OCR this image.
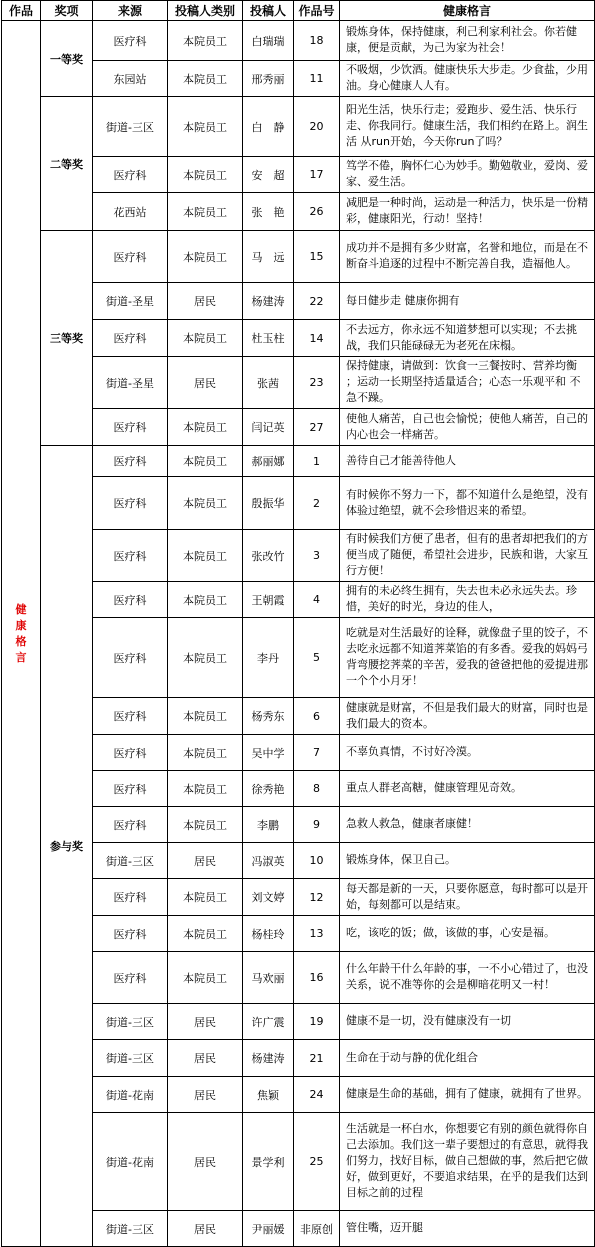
作品	奖项	来源	投稿人类别	投稿人	作品号	健康格言
健康格言	一等奖	医疗科	本院员工	白瑞瑞	18	锻炼身体，保持健康，利己利家利社会。你若健康，便是贡献，为己为家为社会！
		东园站	本院员工	邢秀丽	11	不吸烟，少饮酒。健康快乐大步走。少食盐，少用油。身心健康人人有。
	二等奖	街道-三区	本院员工	白　静	20	阳光生活，快乐行走；爱跑步、爱生活、快乐行走、你我同行。健康生活，我们相约在路上。润生活 从run开始，今天你run了吗？
		医疗科	本院员工	安　超	17	笃学不倦，胸怀仁心为妙手。勤勉敬业，爱岗、爱家、爱生活。
		花西站	本院员工	张　艳	26	减肥是一种时尚，运动是一种活力，快乐是一份精彩，健康阳光，行动！坚持！
	三等奖	医疗科	本院员工	马　远	15	成功并不是拥有多少财富，名誉和地位，而是在不断奋斗追逐的过程中不断完善自我，造福他人。
		街道-圣星	居民	杨建涛	22	每日健步走 健康你拥有
		医疗科	本院员工	杜玉柱	14	不去远方，你永远不知道梦想可以实现；不去挑战，我们只能碌碌无为老死在床榻。
		街道-圣星	居民	张茜	23	保持健康，请做到：饮食一三餐按时、营养均衡 ；运动一长期坚持适量适合；心态一乐观平和 不急不躁。
		医疗科	本院员工	闫记英	27	使他人痛苦，自己也会愉悦；使他人痛苦，自己的内心也会一样痛苦。
	参与奖	医疗科	本院员工	郝丽娜	1	善待自己才能善待他人
		医疗科	本院员工	殷振华	2	有时候你不努力一下，都不知道什么是绝望，没有体验过绝望，就不会珍惜迟来的希望。
		医疗科	本院员工	张改竹	3	有时候我们方便了患者，但有的患者却把我们的方便当成了随便，希望社会进步，民族和谐，大家互行方便！
		医疗科	本院员工	王朝霞	4	拥有的未必终生拥有，失去也未必永远失去。珍惜，美好的时光，身边的佳人，
		医疗科	本院员工	李丹	5	吃就是对生活最好的诠释，就像盘子里的饺子，不去吃永远都不知道荠菜馅的有多香。爱我的妈妈弓背弯腰挖荠菜的辛苦，爱我的爸爸把他的爱提进那一个个小月牙！
		医疗科	本院员工	杨秀东	6	健康就是财富，不但是我们最大的财富，同时也是我们最大的资本。
		医疗科	本院员工	吴中学	7	不辜负真情，不讨好冷漠。
		医疗科	本院员工	徐秀艳	8	重点人群老高糖，健康管理见奇效。
		医疗科	本院员工	李鹏	9	急救人救急，健康者康健！
		街道-三区	居民	冯淑英	10	锻炼身体，保卫自己。
		医疗科	本院员工	刘文婷	12	每天都是新的一天，只要你愿意，每时都可以是开始，每刻都可以是结束。
		医疗科	本院员工	杨桂玲	13	吃，该吃的饭；做，该做的事，心安是福。
		医疗科	本院员工	马欢丽	16	什么年龄干什么年龄的事，一不小心错过了，也没关系，说不准等你的会是柳暗花明又一村！
		街道-三区	居民	许广震	19	健康不是一切，没有健康没有一切
		街道-三区	居民	杨建涛	21	生命在于动与静的优化组合
		街道-花南	居民	焦颖	24	健康是生命的基础，拥有了健康，就拥有了世界。
		街道-花南	居民	景学利	25	生活就是一杯白水，你想要它有别的颜色就得你自己去添加。我们这一辈子要想过的有意思，就得我们努力，找好目标，做自己想做的事，然后把它做好，做到更好，不要追求结果，在乎的是我们达到目标之前的过程
		街道-三区	居民	尹丽媛	非原创	管住嘴，迈开腿
